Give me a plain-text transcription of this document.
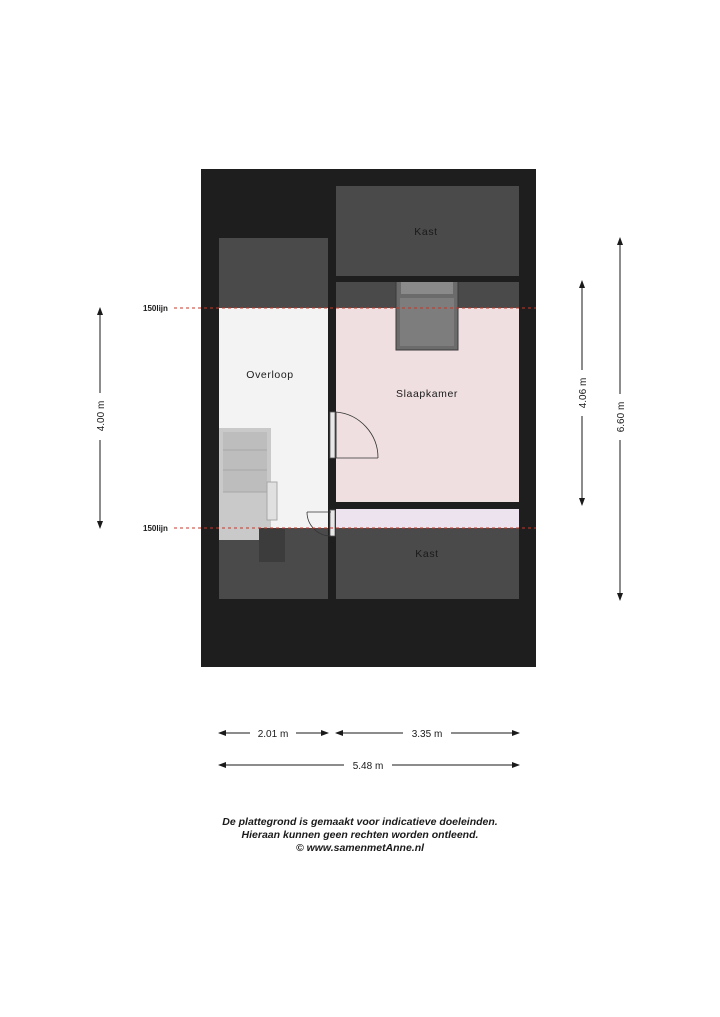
150lijn
150lijn
Kast
Overloop
Slaapkamer
Kast
4.00 m
4.06 m
6.60 m
2.01 m	3.35 m
5.48 m
De plattegrond is gemaakt voor indicatieve doeleinden.
Hieraan kunnen geen rechten worden ontleend.
© www.samenmetAnne.nl
